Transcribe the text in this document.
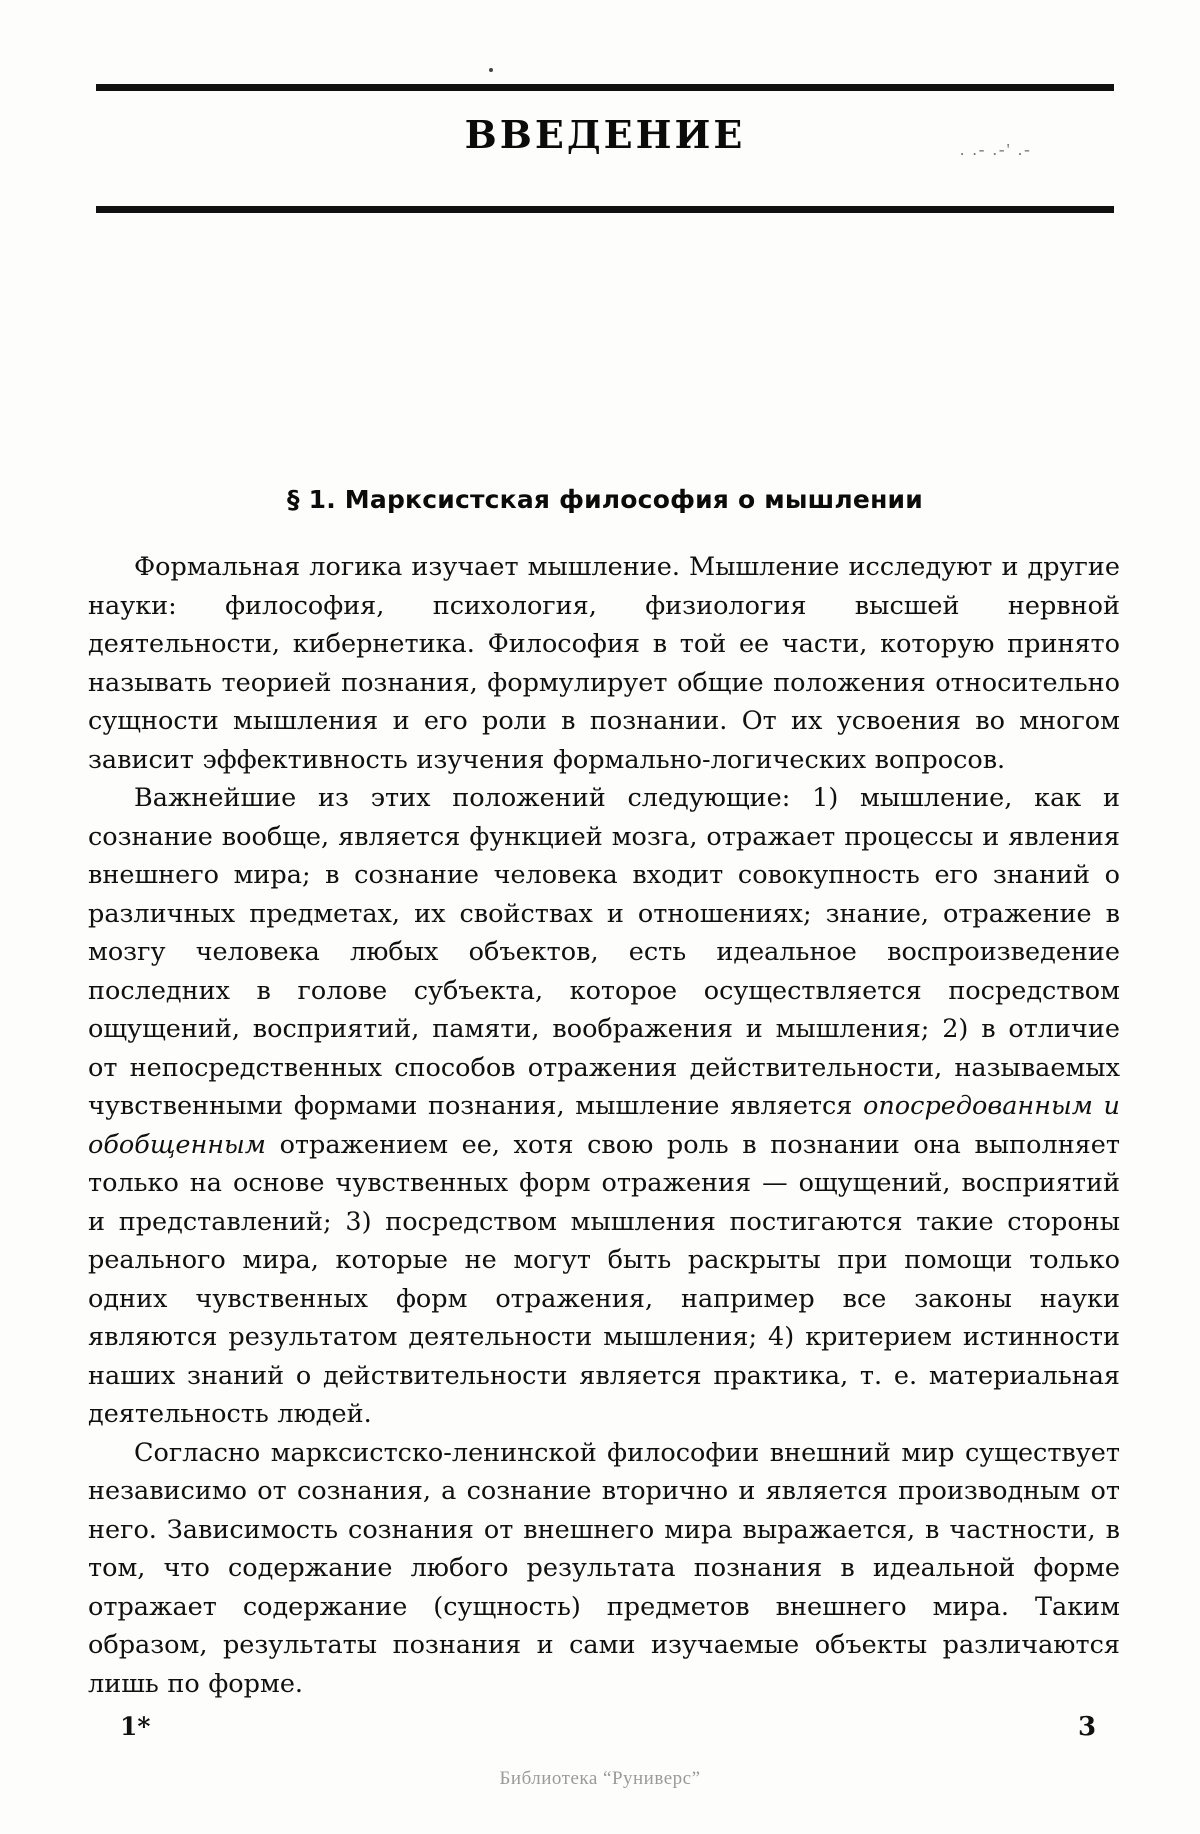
ВВЕДЕНИЕ	. .- .-' .-
§ 1. Марксистская философия о мышлении

Формальная логика изучает мышление. Мышление исследуют и другие науки: философия, психология, физиология высшей нервной деятельности, кибернетика. Философия в той ее части, которую принято называть теорией познания, формулирует общие положения относительно сущности мышления и его роли в познании. От их усвоения во многом зависит эффективность изучения формально-логических вопросов.

Важнейшие из этих положений следующие: 1) мышление, как и сознание вообще, является функцией мозга, отражает процессы и явления внешнего мира; в сознание человека входит совокупность его знаний о различных предметах, их свойствах и отношениях; знание, отражение в мозгу человека любых объектов, есть идеальное воспроизведение последних в голове субъекта, которое осуществляется посредством ощущений, восприятий, памяти, воображения и мышления; 2) в отличие от непосредственных способов отражения действительности, называемых чувственными формами познания, мышление является опосредованным и обобщенным отражением ее, хотя свою роль в познании она выполняет только на основе чувственных форм отражения — ощущений, восприятий и представлений; 3) посредством мышления постигаются такие стороны реального мира, которые не могут быть раскрыты при помощи только одних чувственных форм отражения, например все законы науки являются результатом деятельности мышления; 4) критерием истинности наших знаний о действительности является практика, т. е. материальная деятельность людей.

Согласно марксистско-ленинской философии внешний мир существует независимо от сознания, а сознание вторично и является производным от него. Зависимость сознания от внешнего мира выражается, в частности, в том, что содержание любого результата познания в идеальной форме отражает содержание (сущность) предметов внешнего мира. Таким образом, результаты познания и сами изучаемые объекты различаются лишь по форме.

1*	3
Библиотека “Руниверс”
